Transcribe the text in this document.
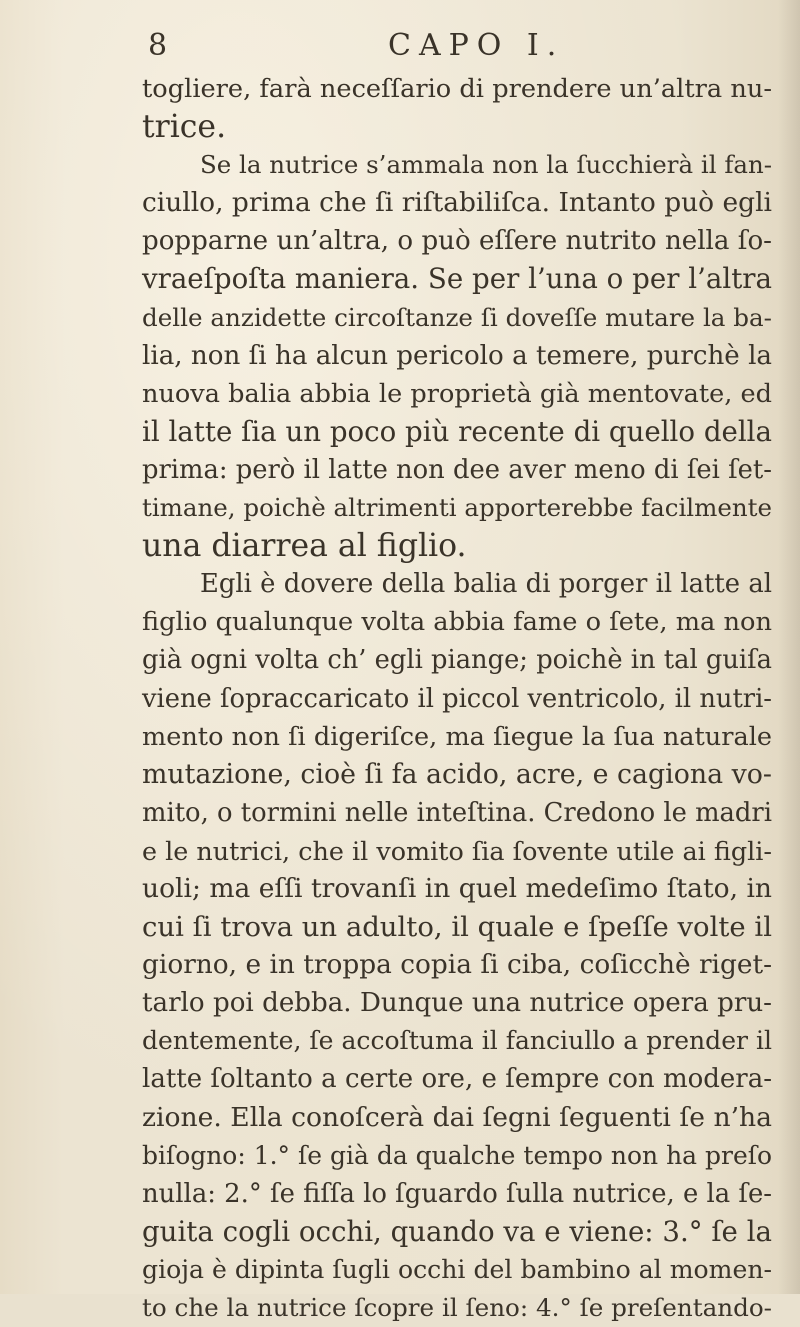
8	CAPO I.
togliere, farà neceſſario di prendere un’altra nu-
trice.
Se la nutrice s’ammala non la ſucchierà il fan-
ciullo, prima che ſi riſtabiliſca. Intanto può egli
popparne un’altra, o può eſſere nutrito nella ſo-
vraeſpoſta maniera. Se per l’una o per l’altra
delle anzidette circoſtanze ſi doveſſe mutare la ba-
lia, non ſi ha alcun pericolo a temere, purchè la
nuova balia abbia le proprietà già mentovate, ed
il latte ſia un poco più recente di quello della
prima: però il latte non dee aver meno di ſei ſet-
timane, poichè altrimenti apporterebbe facilmente
una diarrea al figlio.
Egli è dovere della balia di porger il latte al
figlio qualunque volta abbia fame o ſete, ma non
già ogni volta ch’ egli piange; poichè in tal guiſa
viene ſopraccaricato il piccol ventricolo, il nutri-
mento non ſi digeriſce, ma ſiegue la ſua naturale
mutazione, cioè ſi fa acido, acre, e cagiona vo-
mito, o tormini nelle inteſtina. Credono le madri
e le nutrici, che il vomito ſia ſovente utile ai figli-
uoli; ma eſſi trovanſi in quel medeſimo ſtato, in
cui ſi trova un adulto, il quale e ſpeſſe volte il
giorno, e in troppa copia ſi ciba, coſicchè riget-
tarlo poi debba. Dunque una nutrice opera pru-
dentemente, ſe accoſtuma il fanciullo a prender il
latte ſoltanto a certe ore, e ſempre con modera-
zione. Ella conoſcerà dai ſegni ſeguenti ſe n’ha
biſogno: 1.° ſe già da qualche tempo non ha preſo
nulla: 2.° ſe fiſſa lo ſguardo ſulla nutrice, e la ſe-
guita cogli occhi, quando va e viene: 3.° ſe la
gioja è dipinta ſugli occhi del bambino al momen-
to che la nutrice ſcopre il ſeno: 4.° ſe preſentando-
